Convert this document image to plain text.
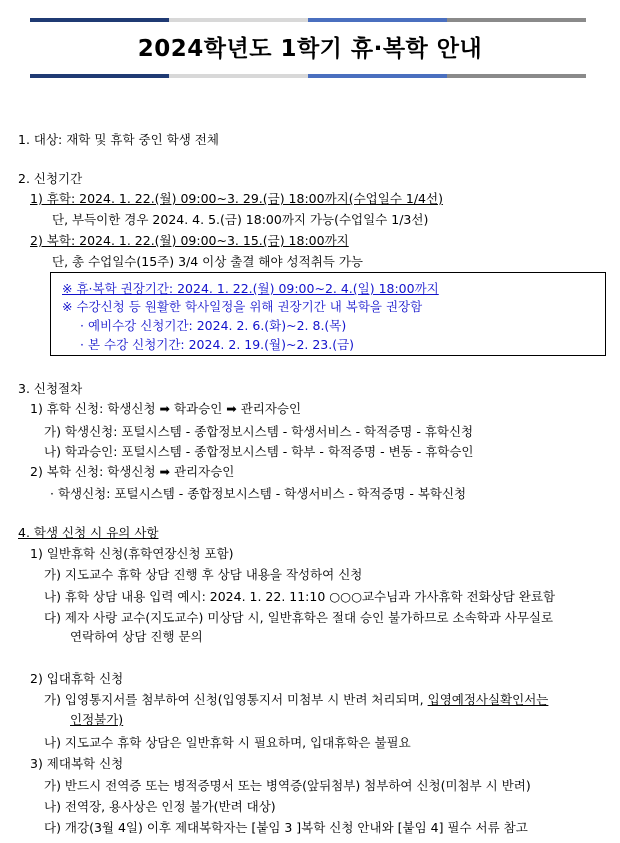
2024학년도 1학기 휴·복학 안내
1. 대상: 재학 및 휴학 중인 학생 전체
2. 신청기간
1) 휴학: 2024. 1. 22.(월) 09:00~3. 29.(금) 18:00까지(수업일수 1/4선)
단, 부득이한 경우 2024. 4. 5.(금) 18:00까지 가능(수업일수 1/3선)
2) 복학: 2024. 1. 22.(월) 09:00~3. 15.(금) 18:00까지
단, 총 수업일수(15주) 3/4 이상 출결 해야 성적취득 가능
※ 휴·복학 권장기간: 2024. 1. 22.(월) 09:00~2. 4.(일) 18:00까지
※ 수강신청 등 원활한 학사일정을 위해 권장기간 내 복학을 권장함
· 예비수강 신청기간: 2024. 2. 6.(화)~2. 8.(목)
· 본 수강 신청기간: 2024. 2. 19.(월)~2. 23.(금)
3. 신청절차
1) 휴학 신청: 학생신청 ➡ 학과승인 ➡ 관리자승인
가) 학생신청: 포털시스템 - 종합정보시스템 - 학생서비스 - 학적증명 - 휴학신청
나) 학과승인: 포털시스템 - 종합정보시스템 - 학부 - 학적증명 - 변동 - 휴학승인
2) 복학 신청: 학생신청 ➡ 관리자승인
· 학생신청: 포털시스템 - 종합정보시스템 - 학생서비스 - 학적증명 - 복학신청
4. 학생 신청 시 유의 사항
1) 일반휴학 신청(휴학연장신청 포함)
가) 지도교수 휴학 상담 진행 후 상담 내용을 작성하여 신청
나) 휴학 상담 내용 입력 예시: 2024. 1. 22. 11:10 ○○○교수님과 가사휴학 전화상담 완료함
다) 제자 사랑 교수(지도교수) 미상담 시, 일반휴학은 절대 승인 불가하므로 소속학과 사무실로
연락하여 상담 진행 문의
2) 입대휴학 신청
가) 입영통지서를 첨부하여 신청(입영통지서 미첨부 시 반려 처리되며, 입영예정사실확인서는
인정불가)
나) 지도교수 휴학 상담은 일반휴학 시 필요하며, 입대휴학은 불필요
3) 제대복학 신청
가) 반드시 전역증 또는 병적증명서 또는 병역증(앞뒤첨부) 첨부하여 신청(미첨부 시 반려)
나) 전역장, 용사상은 인정 불가(반려 대상)
다) 개강(3월 4일) 이후 제대복학자는 [붙임 3 ]복학 신청 안내와 [붙임 4] 필수 서류 참고
